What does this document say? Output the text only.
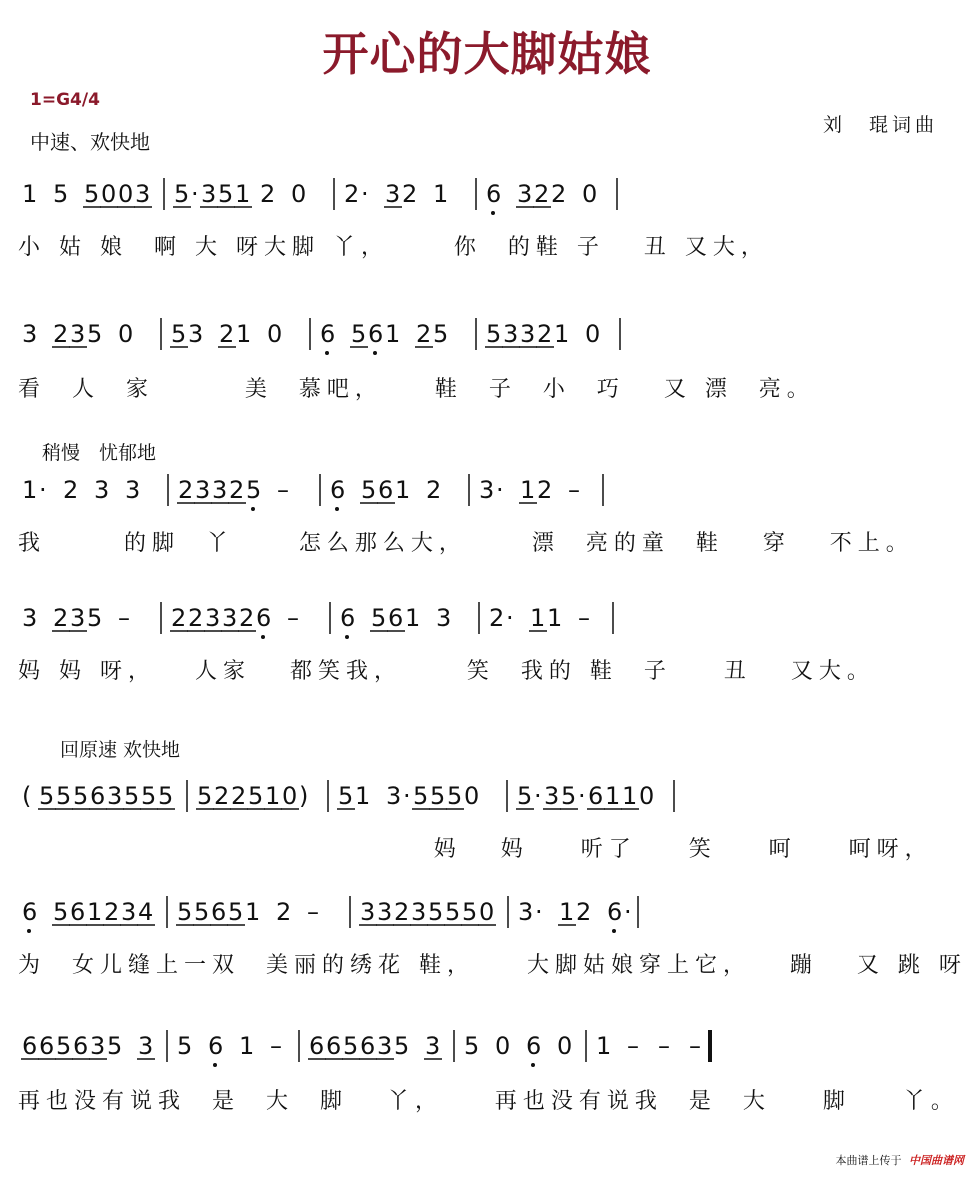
开心的大脚姑娘
1=G4/4
中速、欢快地
刘　琨词曲
稍慢　忧郁地
回原速 欢快地
1 5 5 0 0 3 5 · 3 5 1 2 0 2 · 3 2 1 6 3 2 2 0
小 姑 娘  啊 大 呀大脚 丫，     你  的鞋 子   丑 又大，
3 2 3 5 0 5 3 2 1 0 6 5 6 1 2 5 5 3 3 2 1 0
看  人  家       美  慕吧，    鞋  子  小  巧   又 漂  亮。
1 · 2 3 3 2 3 3 2 5 – 6 5 6 1 2 3 · 1 2 –
我      的脚  丫     怎么那么大，     漂  亮的童  鞋   穿   不上。
3 2 3 5 – 2 2 3 3 2 6 – 6 5 6 1 3 2 · 1 1 –
妈 妈 呀，   人家   都笑我，     笑  我的 鞋  子    丑   又大。
( 5 5 5 6 3 5 5 5 5 2 2 5 1 0 ) 5 1 3 · 5 5 5 0 5 · 3 5 · 6 1 1 0
妈   妈    听了    笑    呵    呵呀，
6 5 6 1 2 3 4 5 5 6 5 1 2 – 3 3 2 3 5 5 5 0 3 · 1 2 6 ·
为  女儿缝上一双  美丽的绣花 鞋，    大脚姑娘穿上它，   蹦   又 跳 呀
6 6 5 6 3 5 3 5 6 1 – 6 6 5 6 3 5 3 5 0 6 0 1 – – –
再也没有说我  是  大  脚   丫，    再也没有说我  是  大    脚    丫。
本曲谱上传于 中国曲谱网
